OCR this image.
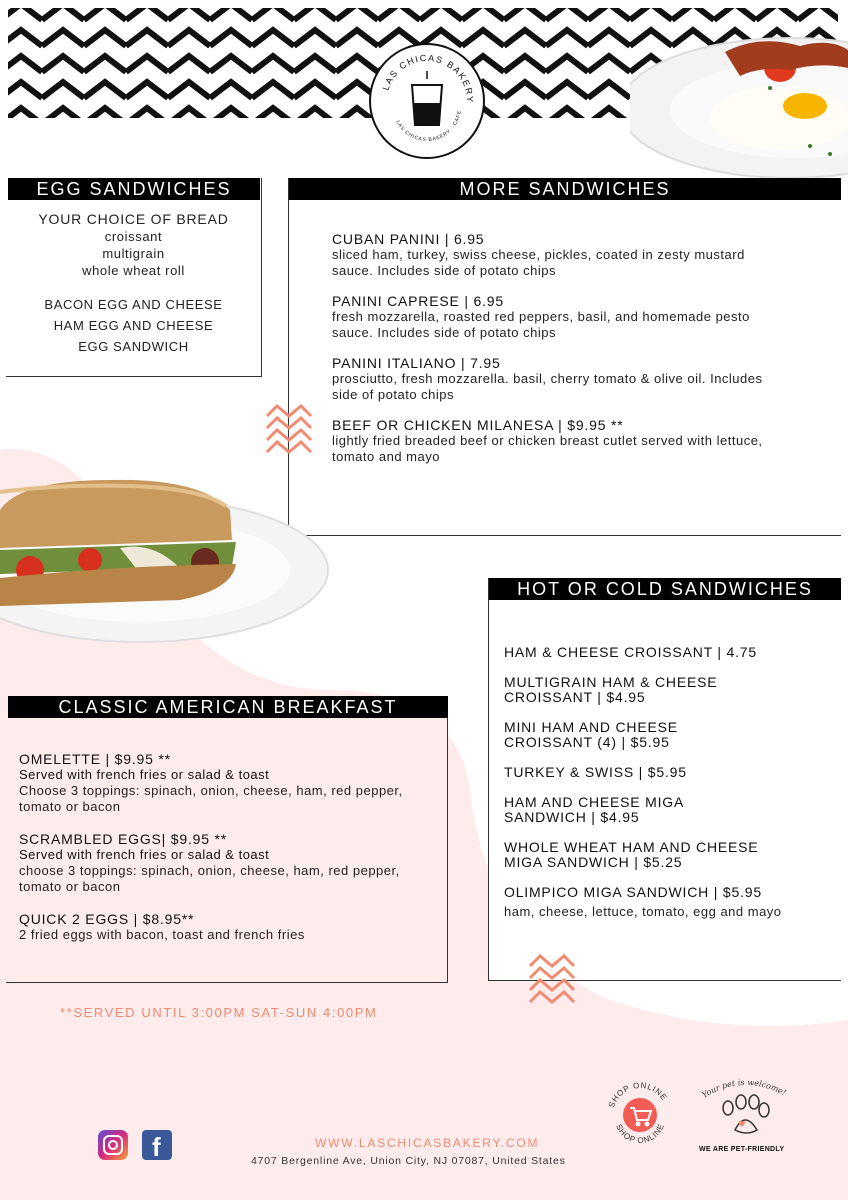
LAS CHICAS BAKERY
LAS CHICAS BAKERY · CAFE
EGG SANDWICHES
YOUR CHOICE OF BREAD
croissant
multigrain
whole wheat roll
BACON EGG AND CHEESE
HAM EGG AND CHEESE
EGG SANDWICH
MORE SANDWICHES
CUBAN PANINI | 6.95
sliced ham, turkey, swiss cheese, pickles, coated in zesty mustard sauce. Includes side of potato chips
PANINI CAPRESE | 6.95
fresh mozzarella, roasted red peppers, basil, and homemade pesto sauce. Includes side of potato chips
PANINI ITALIANO | 7.95
prosciutto, fresh mozzarella. basil, cherry tomato & olive oil. Includes side of potato chips
BEEF OR CHICKEN MILANESA | $9.95 **
lightly fried breaded beef or chicken breast cutlet served with lettuce, tomato and mayo
HOT OR COLD SANDWICHES
HAM & CHEESE CROISSANT | 4.75
MULTIGRAIN HAM & CHEESE CROISSANT | $4.95
MINI HAM AND CHEESE CROISSANT (4) | $5.95
TURKEY & SWISS | $5.95
HAM AND CHEESE MIGA SANDWICH | $4.95
WHOLE WHEAT HAM AND CHEESE MIGA SANDWICH | $5.25
OLIMPICO MIGA SANDWICH | $5.95
ham, cheese, lettuce, tomato, egg and mayo
CLASSIC AMERICAN BREAKFAST
OMELETTE | $9.95 **
Served with french fries or salad & toast
Choose 3 toppings: spinach, onion, cheese, ham, red pepper, tomato or bacon
SCRAMBLED EGGS| $9.95 **
Served with french fries or salad & toast
choose 3 toppings: spinach, onion, cheese, ham, red pepper, tomato or bacon
QUICK 2 EGGS | $8.95**
2 fried eggs with bacon, toast and french fries
**SERVED UNTIL 3:00PM SAT-SUN 4:00PM
f	WWW.LASCHICASBAKERY.COM
4707 Bergenline Ave, Union City, NJ 07087, United States
SHOP ONLINE
SHOP ONLINE
Your pet is welcome!
WE ARE PET-FRIENDLY
